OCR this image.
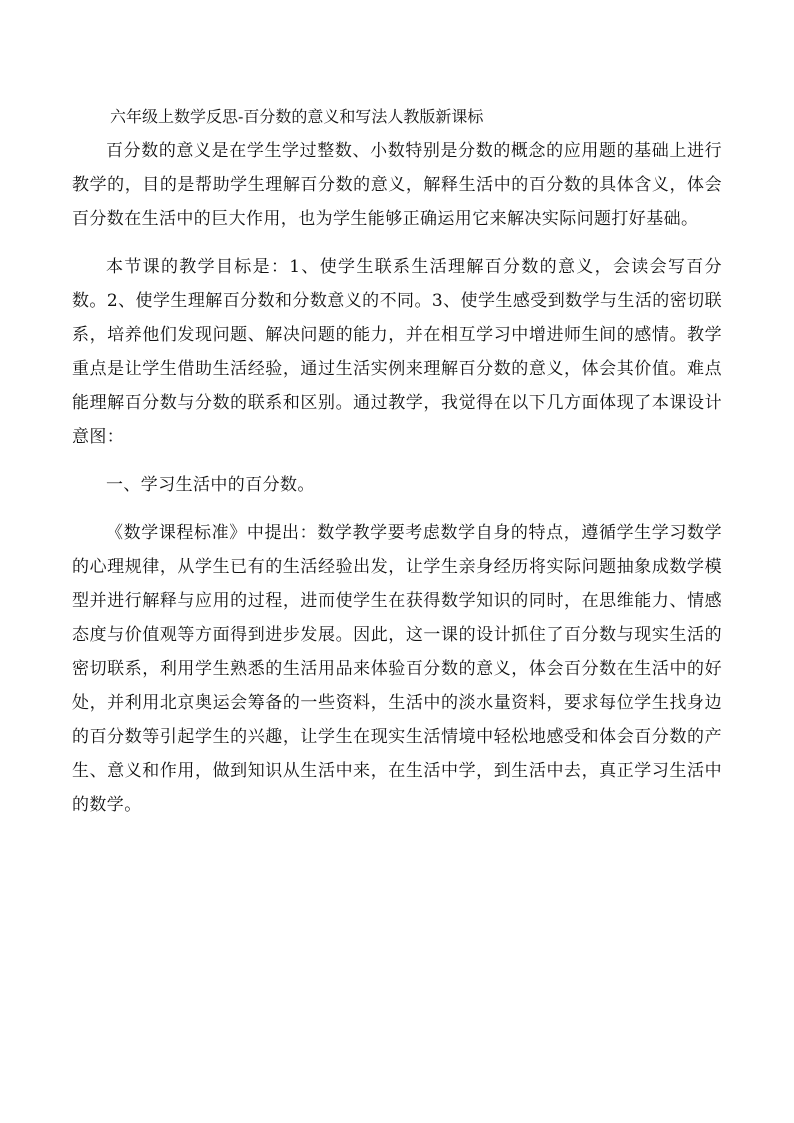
六年级上数学反思-百分数的意义和写法人教版新课标

百分数的意义是在学生学过整数、小数特别是分数的概念的应用题的基础上进行教学的，目的是帮助学生理解百分数的意义，解释生活中的百分数的具体含义，体会百分数在生活中的巨大作用，也为学生能够正确运用它来解决实际问题打好基础。

本节课的教学目标是：1、使学生联系生活理解百分数的意义，会读会写百分数。2、使学生理解百分数和分数意义的不同。3、使学生感受到数学与生活的密切联系，培养他们发现问题、解决问题的能力，并在相互学习中增进师生间的感情。教学重点是让学生借助生活经验，通过生活实例来理解百分数的意义，体会其价值。难点能理解百分数与分数的联系和区别。通过教学，我觉得在以下几方面体现了本课设计意图：

一、学习生活中的百分数。

《数学课程标准》中提出：数学教学要考虑数学自身的特点，遵循学生学习数学的心理规律，从学生已有的生活经验出发，让学生亲身经历将实际问题抽象成数学模型并进行解释与应用的过程，进而使学生在获得数学知识的同时，在思维能力、情感态度与价值观等方面得到进步发展。因此，这一课的设计抓住了百分数与现实生活的密切联系，利用学生熟悉的生活用品来体验百分数的意义，体会百分数在生活中的好处，并利用北京奥运会筹备的一些资料，生活中的淡水量资料，要求每位学生找身边的百分数等引起学生的兴趣，让学生在现实生活情境中轻松地感受和体会百分数的产生、意义和作用，做到知识从生活中来，在生活中学，到生活中去，真正学习生活中的数学。
